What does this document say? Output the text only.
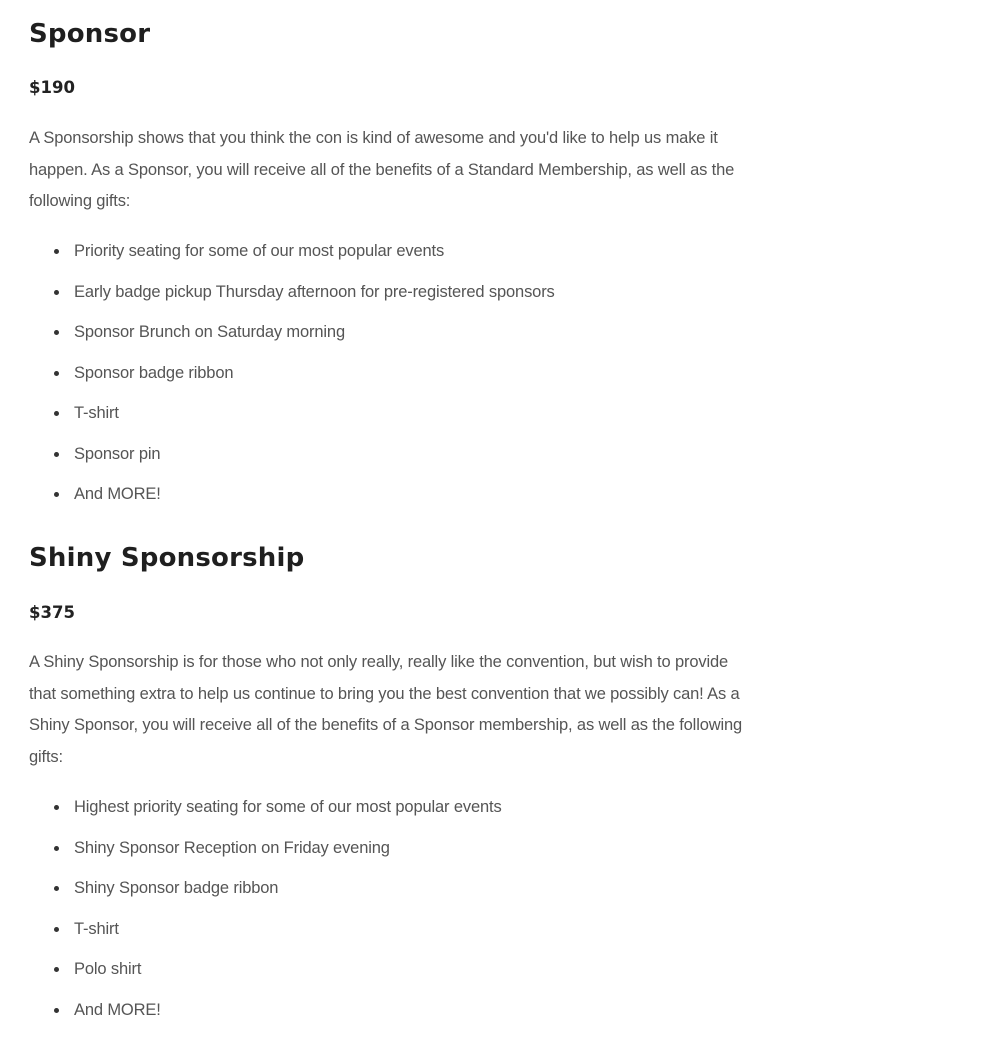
Sponsor

$190

A Sponsorship shows that you think the con is kind of awesome and you'd like to help us make it happen. As a Sponsor, you will receive all of the benefits of a Standard Membership, as well as the following gifts:

Priority seating for some of our most popular events
Early badge pickup Thursday afternoon for pre-registered sponsors
Sponsor Brunch on Saturday morning
Sponsor badge ribbon
T-shirt
Sponsor pin
And MORE!
Shiny Sponsorship

$375

A Shiny Sponsorship is for those who not only really, really like the convention, but wish to provide that something extra to help us continue to bring you the best convention that we possibly can! As a Shiny Sponsor, you will receive all of the benefits of a Sponsor membership, as well as the following gifts:

Highest priority seating for some of our most popular events
Shiny Sponsor Reception on Friday evening
Shiny Sponsor badge ribbon
T-shirt
Polo shirt
And MORE!
